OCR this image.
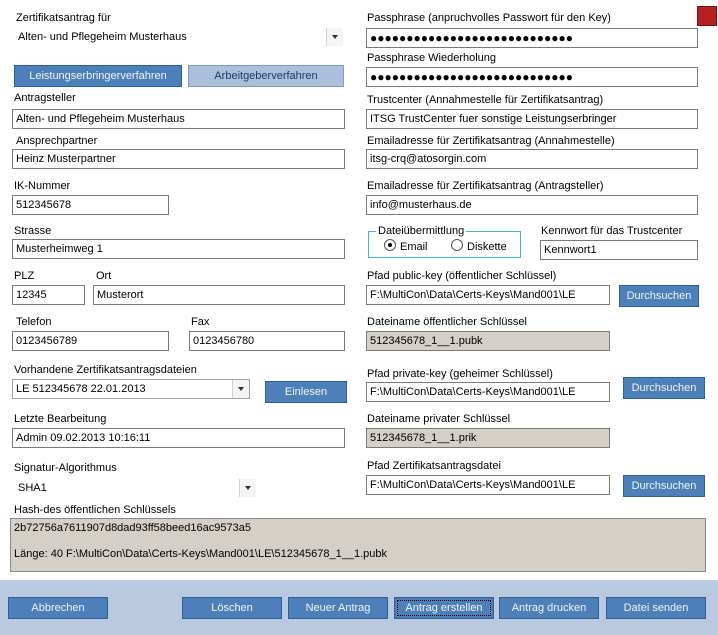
Zertifikatsantrag für
Alten- und Pflegeheim Musterhaus
Leistungserbringerverfahren	Arbeitgeberverfahren
Antragsteller
Alten- und Pflegeheim Musterhaus
Ansprechpartner
Heinz Musterpartner
IK-Nummer
512345678
Strasse
Musterheimweg 1
PLZ	Ort
12345	Musterort
Telefon	Fax
0123456789	0123456780
Vorhandene Zertifikatsantragsdateien
LE 512345678 22.01.2013	Einlesen
Letzte Bearbeitung
Admin 09.02.2013 10:16:11
Signatur-Algorithmus
SHA1
Passphrase (anpruchvolles Passwort für den Key)
●●●●●●●●●●●●●●●●●●●●●●●●●●●●
Passphrase Wiederholung
●●●●●●●●●●●●●●●●●●●●●●●●●●●●
Trustcenter (Annahmestelle für Zertifikatsantrag)
ITSG TrustCenter fuer sonstige Leistungserbringer
Emailadresse für Zertifikatsantrag (Annahmestelle)
itsg-crq@atosorgin.com
Emailadresse für Zertifikatsantrag (Antragsteller)
info@musterhaus.de
Dateiübermittlung
Email	Diskette
Kennwort für das Trustcenter
Kennwort1
Pfad public-key (öffentlicher Schlüssel)
F:\MultiCon\Data\Certs-Keys\Mand001\LE	Durchsuchen
Dateiname öffentlicher Schlüssel
512345678_1__1.pubk
Pfad private-key (geheimer Schlüssel)
F:\MultiCon\Data\Certs-Keys\Mand001\LE	Durchsuchen
Dateiname privater Schlüssel
512345678_1__1.prik
Pfad Zertifikatsantragsdatei
F:\MultiCon\Data\Certs-Keys\Mand001\LE	Durchsuchen
Hash-des öffentlichen Schlüssels
2b72756a7611907d8dad93ff58beed16ac9573a5
Länge: 40 F:\MultiCon\Data\Certs-Keys\Mand001\LE\512345678_1__1.pubk
Abbrechen	Löschen	Neuer Antrag	Antrag erstellen	Antrag drucken	Datei senden
